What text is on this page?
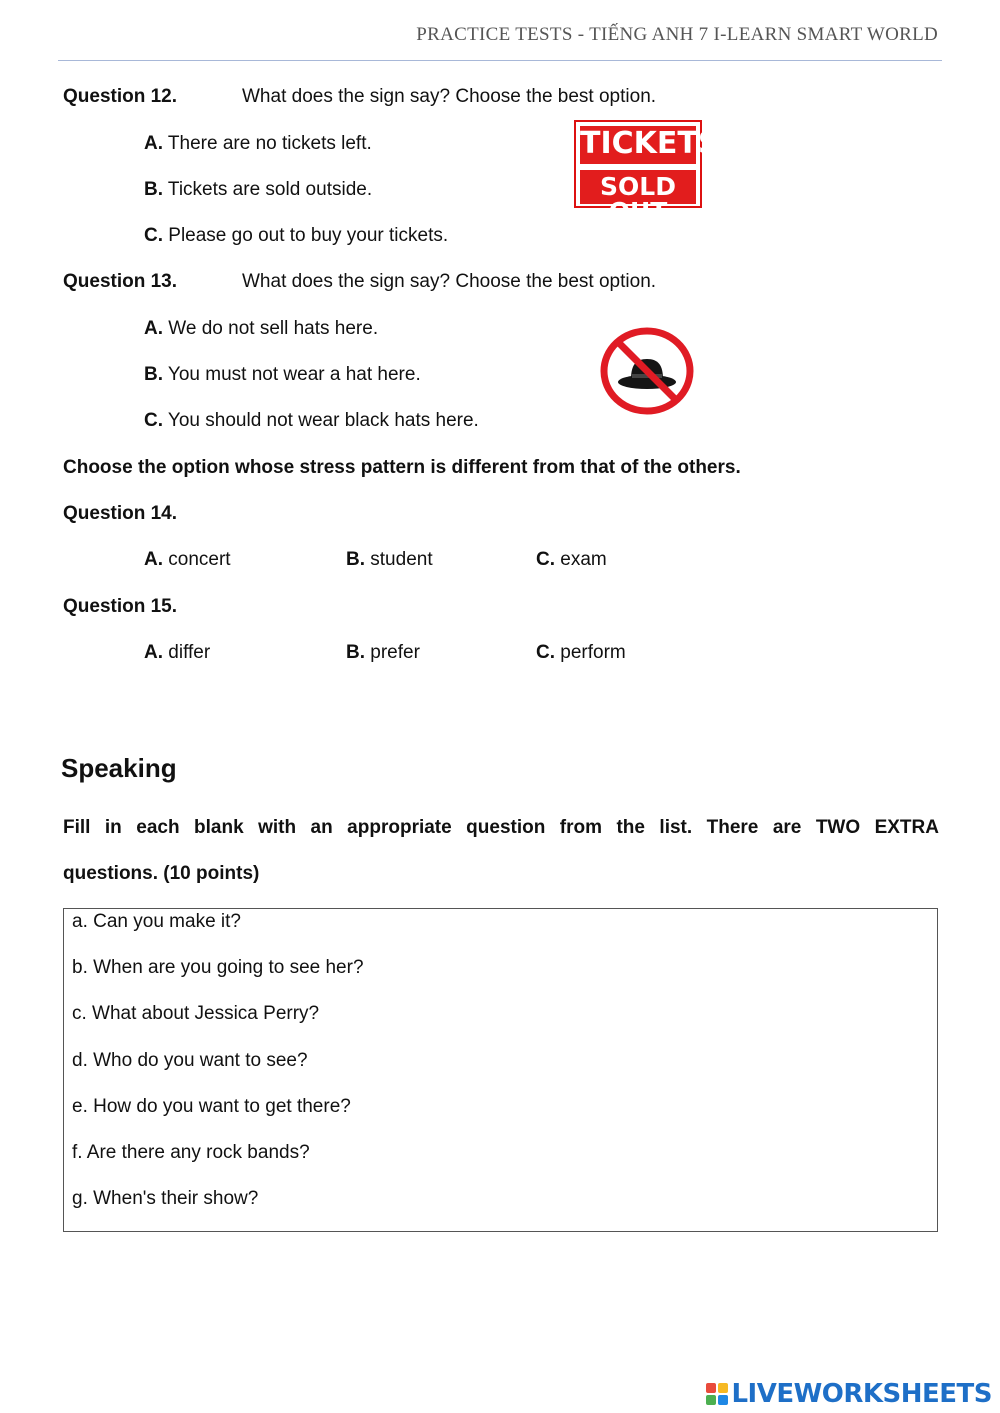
PRACTICE TESTS - TIẾNG ANH 7 I-LEARN SMART WORLD
Question 12.	What does the sign say? Choose the best option.
A. There are no tickets left.
B. Tickets are sold outside.
C. Please go out to buy your tickets.
TICKETS
SOLD OUT
Question 13.	What does the sign say? Choose the best option.
A. We do not sell hats here.
B. You must not wear a hat here.
C. You should not wear black hats here.
Choose the option whose stress pattern is different from that of the others.
Question 14.
A. concert	B. student	C. exam
Question 15.
A. differ	B. prefer	C. perform
Speaking
Fill in each blank with an appropriate question from the list. There are TWO EXTRA
questions. (10 points)
a. Can you make it?
b. When are you going to see her?
c. What about Jessica Perry?
d. Who do you want to see?
e. How do you want to get there?
f. Are there any rock bands?
g. When's their show?
LIVEWORKSHEETS
